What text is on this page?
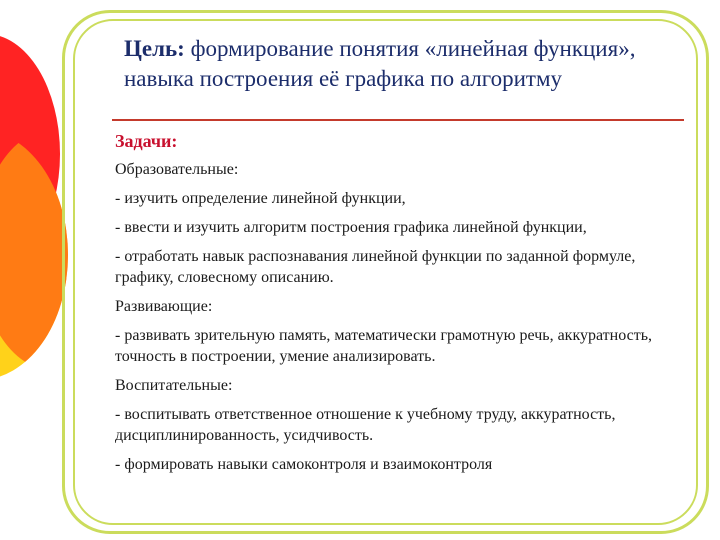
Цель: формирование понятия «линейная функция», навыка построения её графика по алгоритму
Задачи:
Образовательные:
- изучить определение линейной функции,
- ввести и изучить алгоритм построения графика линейной функции,
- отработать навык распознавания линейной функции по заданной формуле, графику, словесному описанию.
Развивающие:
- развивать зрительную память, математически грамотную речь, аккуратность, точность в построении, умение анализировать.
Воспитательные:
- воспитывать ответственное отношение к учебному труду, аккуратность, дисциплинированность, усидчивость.
- формировать навыки самоконтроля и взаимоконтроля
